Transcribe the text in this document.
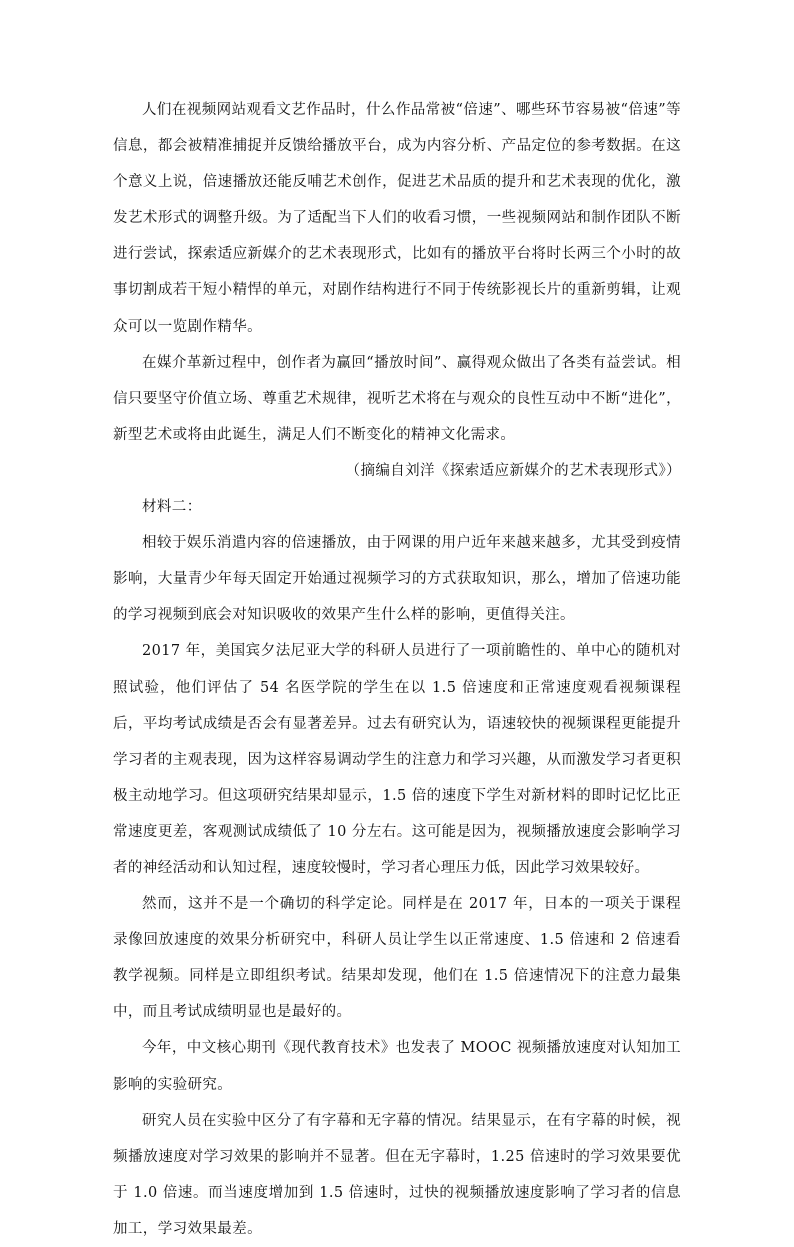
人们在视频网站观看文艺作品时，什么作品常被“倍速”、哪些环节容易被“倍速”等信息，都会被精准捕捉并反馈给播放平台，成为内容分析、产品定位的参考数据。在这个意义上说，倍速播放还能反哺艺术创作，促进艺术品质的提升和艺术表现的优化，激发艺术形式的调整升级。为了适配当下人们的收看习惯，一些视频网站和制作团队不断进行尝试，探索适应新媒介的艺术表现形式，比如有的播放平台将时长两三个小时的故事切割成若干短小精悍的单元，对剧作结构进行不同于传统影视长片的重新剪辑，让观众可以一览剧作精华。

在媒介革新过程中，创作者为赢回“播放时间”、赢得观众做出了各类有益尝试。相信只要坚守价值立场、尊重艺术规律，视听艺术将在与观众的良性互动中不断“进化”，新型艺术或将由此诞生，满足人们不断变化的精神文化需求。

（摘编自刘洋《探索适应新媒介的艺术表现形式》）

材料二：

相较于娱乐消遣内容的倍速播放，由于网课的用户近年来越来越多，尤其受到疫情影响，大量青少年每天固定开始通过视频学习的方式获取知识，那么，增加了倍速功能的学习视频到底会对知识吸收的效果产生什么样的影响，更值得关注。

2017 年，美国宾夕法尼亚大学的科研人员进行了一项前瞻性的、单中心的随机对照试验，他们评估了 54 名医学院的学生在以 1.5 倍速度和正常速度观看视频课程后，平均考试成绩是否会有显著差异。过去有研究认为，语速较快的视频课程更能提升学习者的主观表现，因为这样容易调动学生的注意力和学习兴趣，从而激发学习者更积极主动地学习。但这项研究结果却显示，1.5 倍的速度下学生对新材料的即时记忆比正常速度更差，客观测试成绩低了 10 分左右。这可能是因为，视频播放速度会影响学习者的神经活动和认知过程，速度较慢时，学习者心理压力低，因此学习效果较好。

然而，这并不是一个确切的科学定论。同样是在 2017 年，日本的一项关于课程录像回放速度的效果分析研究中，科研人员让学生以正常速度、1.5 倍速和 2 倍速看教学视频。同样是立即组织考试。结果却发现，他们在 1.5 倍速情况下的注意力最集中，而且考试成绩明显也是最好的。

今年，中文核心期刊《现代教育技术》也发表了 MOOC 视频播放速度对认知加工影响的实验研究。

研究人员在实验中区分了有字幕和无字幕的情况。结果显示，在有字幕的时候，视频播放速度对学习效果的影响并不显著。但在无字幕时，1.25 倍速时的学习效果要优于 1.0 倍速。而当速度增加到 1.5 倍速时，过快的视频播放速度影响了学习者的信息加工，学习效果最差。
